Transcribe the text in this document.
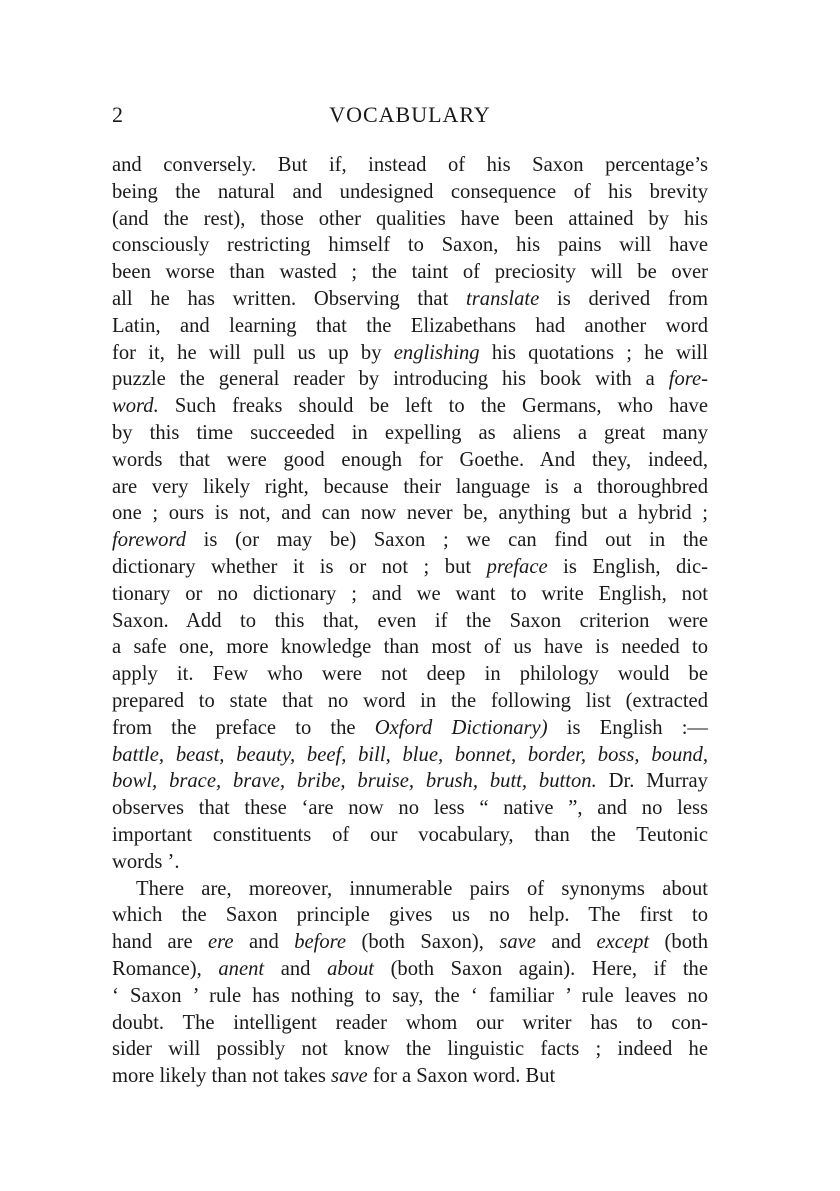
2	VOCABULARY
and conversely. But if, instead of his Saxon percentage’s
being the natural and undesigned consequence of his brevity
(and the rest), those other qualities have been attained by his
consciously restricting himself to Saxon, his pains will have
been worse than wasted ; the taint of preciosity will be over
all he has written. Observing that translate is derived from
Latin, and learning that the Elizabethans had another word
for it, he will pull us up by englishing his quotations ; he will
puzzle the general reader by introducing his book with a fore-
word. Such freaks should be left to the Germans, who have
by this time succeeded in expelling as aliens a great many
words that were good enough for Goethe. And they, indeed,
are very likely right, because their language is a thoroughbred
one ; ours is not, and can now never be, anything but a hybrid ;
foreword is (or may be) Saxon ; we can find out in the
dictionary whether it is or not ; but preface is English, dic-
tionary or no dictionary ; and we want to write English, not
Saxon. Add to this that, even if the Saxon criterion were
a safe one, more knowledge than most of us have is needed to
apply it. Few who were not deep in philology would be
prepared to state that no word in the following list (extracted
from the preface to the Oxford Dictionary) is English :—
battle, beast, beauty, beef, bill, blue, bonnet, border, boss, bound,
bowl, brace, brave, bribe, bruise, brush, butt, button. Dr. Murray
observes that these ‘are now no less “ native ”, and no less
important constituents of our vocabulary, than the Teutonic
words ’.
There are, moreover, innumerable pairs of synonyms about
which the Saxon principle gives us no help. The first to
hand are ere and before (both Saxon), save and except (both
Romance), anent and about (both Saxon again). Here, if the
‘ Saxon ’ rule has nothing to say, the ‘ familiar ’ rule leaves no
doubt. The intelligent reader whom our writer has to con-
sider will possibly not know the linguistic facts ; indeed he
more likely than not takes save for a Saxon word. But
